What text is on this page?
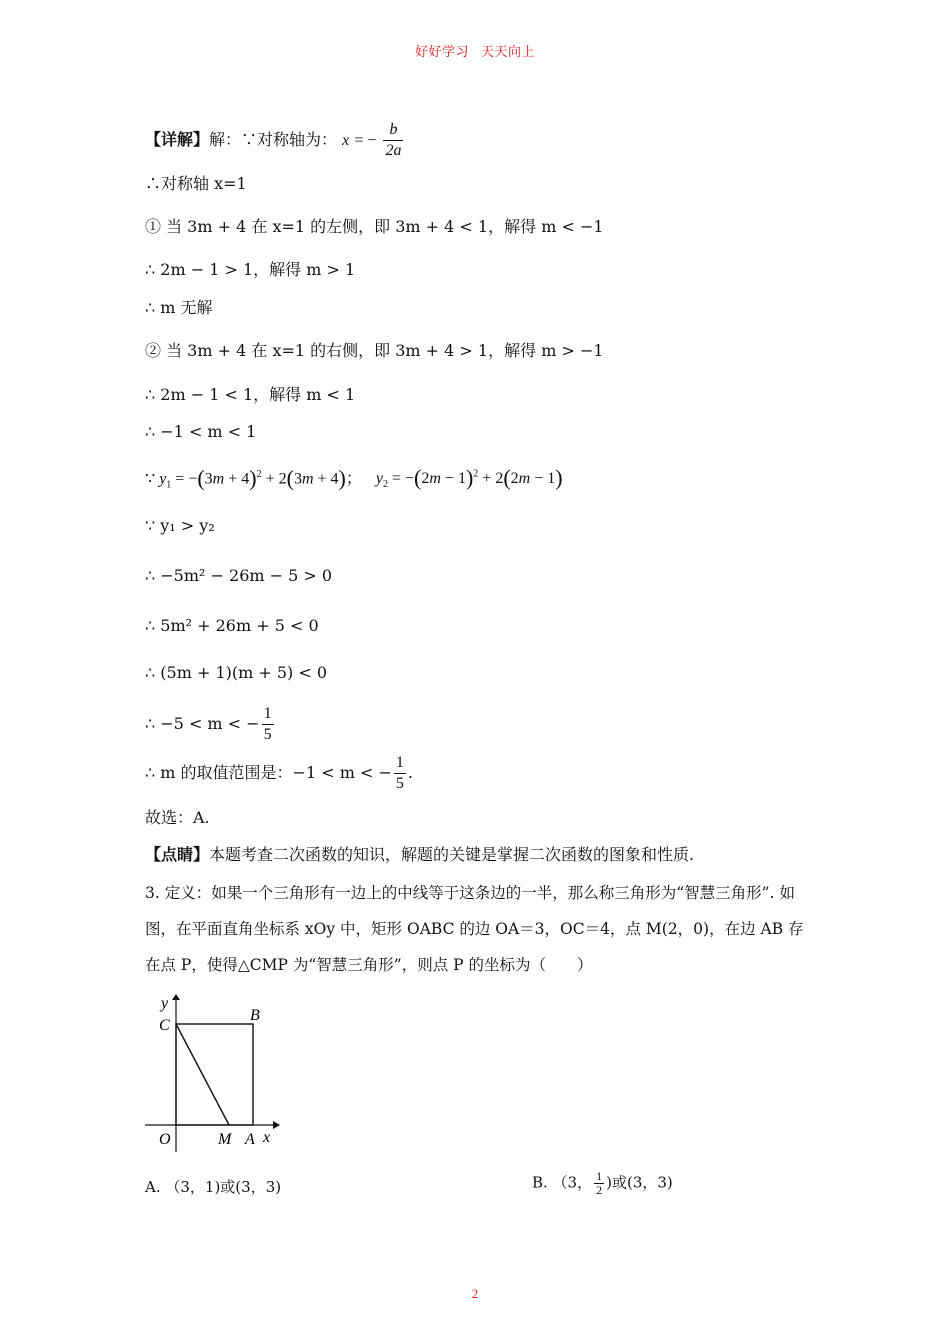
好好学习 天天向上
【详解】解：∵对称轴为： x = − $\frac{b}{2a}$
∴对称轴 x=1
① 当 3m + 4 在 x=1 的左侧，即 3m + 4 < 1，解得 m < −1
∴ 2m − 1 > 1，解得 m > 1
∴ m 无解
② 当 3m + 4 在 x=1 的右侧，即 3m + 4 > 1，解得 m > −1
∴ 2m − 1 < 1，解得 m < 1
∴ −1 < m < 1
∵ $y_1 = -(3m + 4)^2 + 2(3m + 4)$； $y_2 = -(2m - 1)^2 + 2(2m - 1)$
∵ y₁ > y₂
∴ −5m² − 26m − 5 > 0
∴ 5m² + 26m + 5 < 0
∴ (5m + 1)(m + 5) < 0
∴ −5 < m < − $\frac{1}{5}$
∴ m 的取值范围是：−1 < m < − $\frac{1}{5}$ .
故选：A.
【点睛】本题考查二次函数的知识，解题的关键是掌握二次函数的图象和性质.
3. 定义：如果一个三角形有一边上的中线等于这条边的一半，那么称三角形为“智慧三角形”. 如图，在平面直角坐标系 xOy 中，矩形 OABC 的边 OA＝3，OC＝4，点 M(2，0)，在边 AB 存在点 P，使得△CMP 为“智慧三角形”，则点 P 的坐标为（　　）
y
C
B
O	M A x
A. （3，1)或(3，3)	B. （3， $\frac{1}{2}$ )或(3，3)
2
